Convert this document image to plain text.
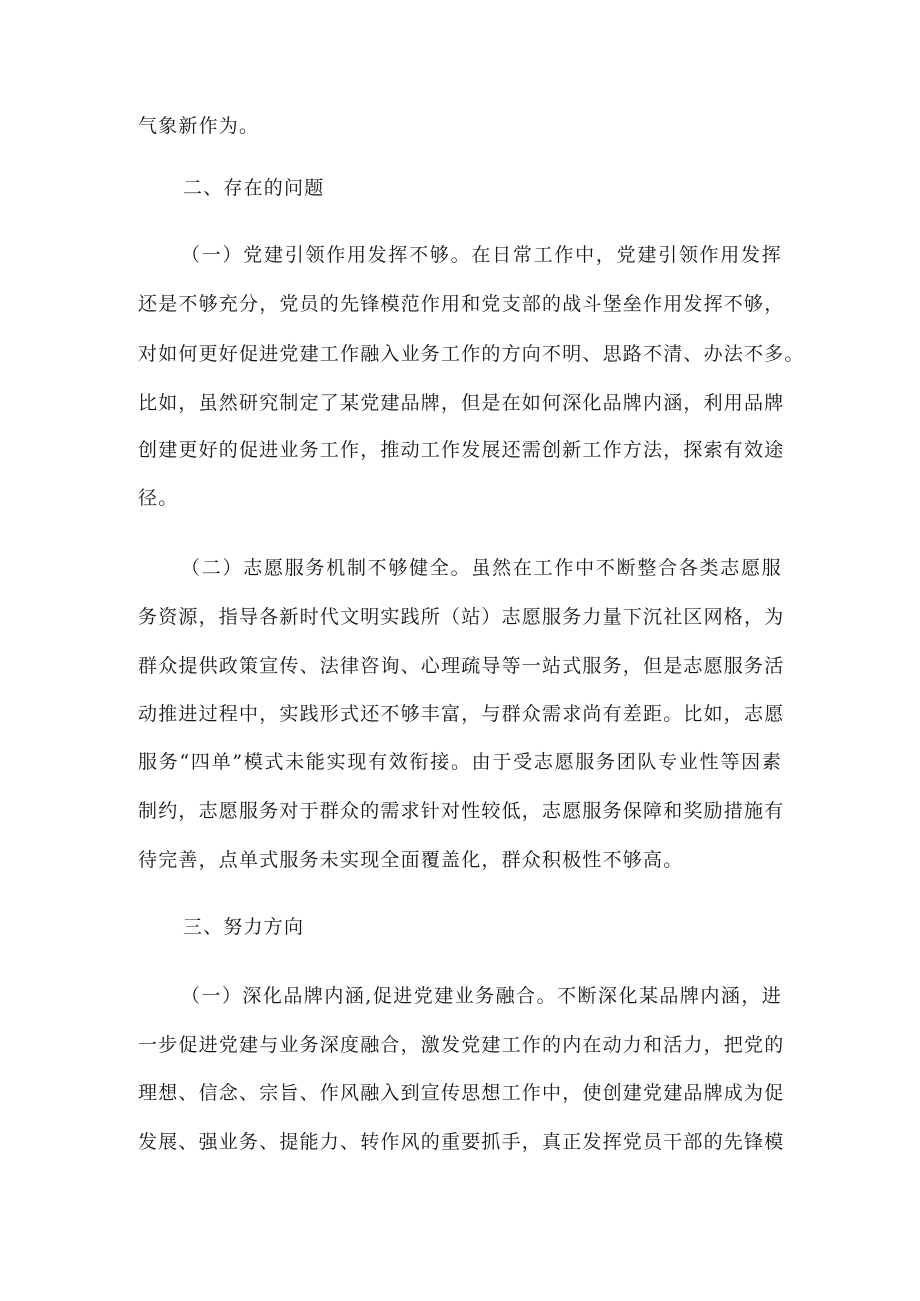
气象新作为。
二、存在的问题
（一）党建引领作用发挥不够。在日常工作中，党建引领作用发挥
还是不够充分，党员的先锋模范作用和党支部的战斗堡垒作用发挥不够，
对如何更好促进党建工作融入业务工作的方向不明、思路不清、办法不多。
比如，虽然研究制定了某党建品牌，但是在如何深化品牌内涵，利用品牌
创建更好的促进业务工作，推动工作发展还需创新工作方法，探索有效途
径。
（二）志愿服务机制不够健全。虽然在工作中不断整合各类志愿服
务资源，指导各新时代文明实践所（站）志愿服务力量下沉社区网格，为
群众提供政策宣传、法律咨询、心理疏导等一站式服务，但是志愿服务活
动推进过程中，实践形式还不够丰富，与群众需求尚有差距。比如，志愿
服务“四单”模式未能实现有效衔接。由于受志愿服务团队专业性等因素
制约，志愿服务对于群众的需求针对性较低，志愿服务保障和奖励措施有
待完善，点单式服务未实现全面覆盖化，群众积极性不够高。
三、努力方向
（一）深化品牌内涵,促进党建业务融合。不断深化某品牌内涵，进
一步促进党建与业务深度融合，激发党建工作的内在动力和活力，把党的
理想、信念、宗旨、作风融入到宣传思想工作中，使创建党建品牌成为促
发展、强业务、提能力、转作风的重要抓手，真正发挥党员干部的先锋模
